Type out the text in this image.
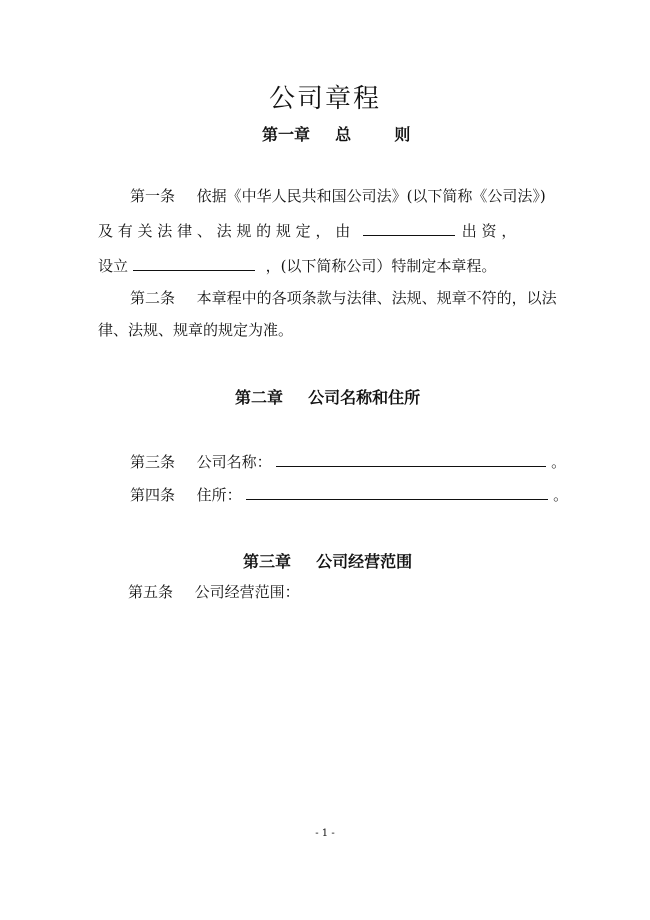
公司章程
第一章 总	则
第一条 依据《中华人民共和国公司法》(以下简称《公司法》)
及 有 关 法 律 、 法 规 的 规 定 ， 由	出 资 ，
设立	，(以下简称公司）特制定本章程。
第二条 本章程中的各项条款与法律、法规、规章不符的，以法
律、法规、规章的规定为准。
第二章 公司名称和住所
第三条 公司名称：	。
第四条 住所：	。
第三章 公司经营范围
第五条 公司经营范围：
- 1 -
